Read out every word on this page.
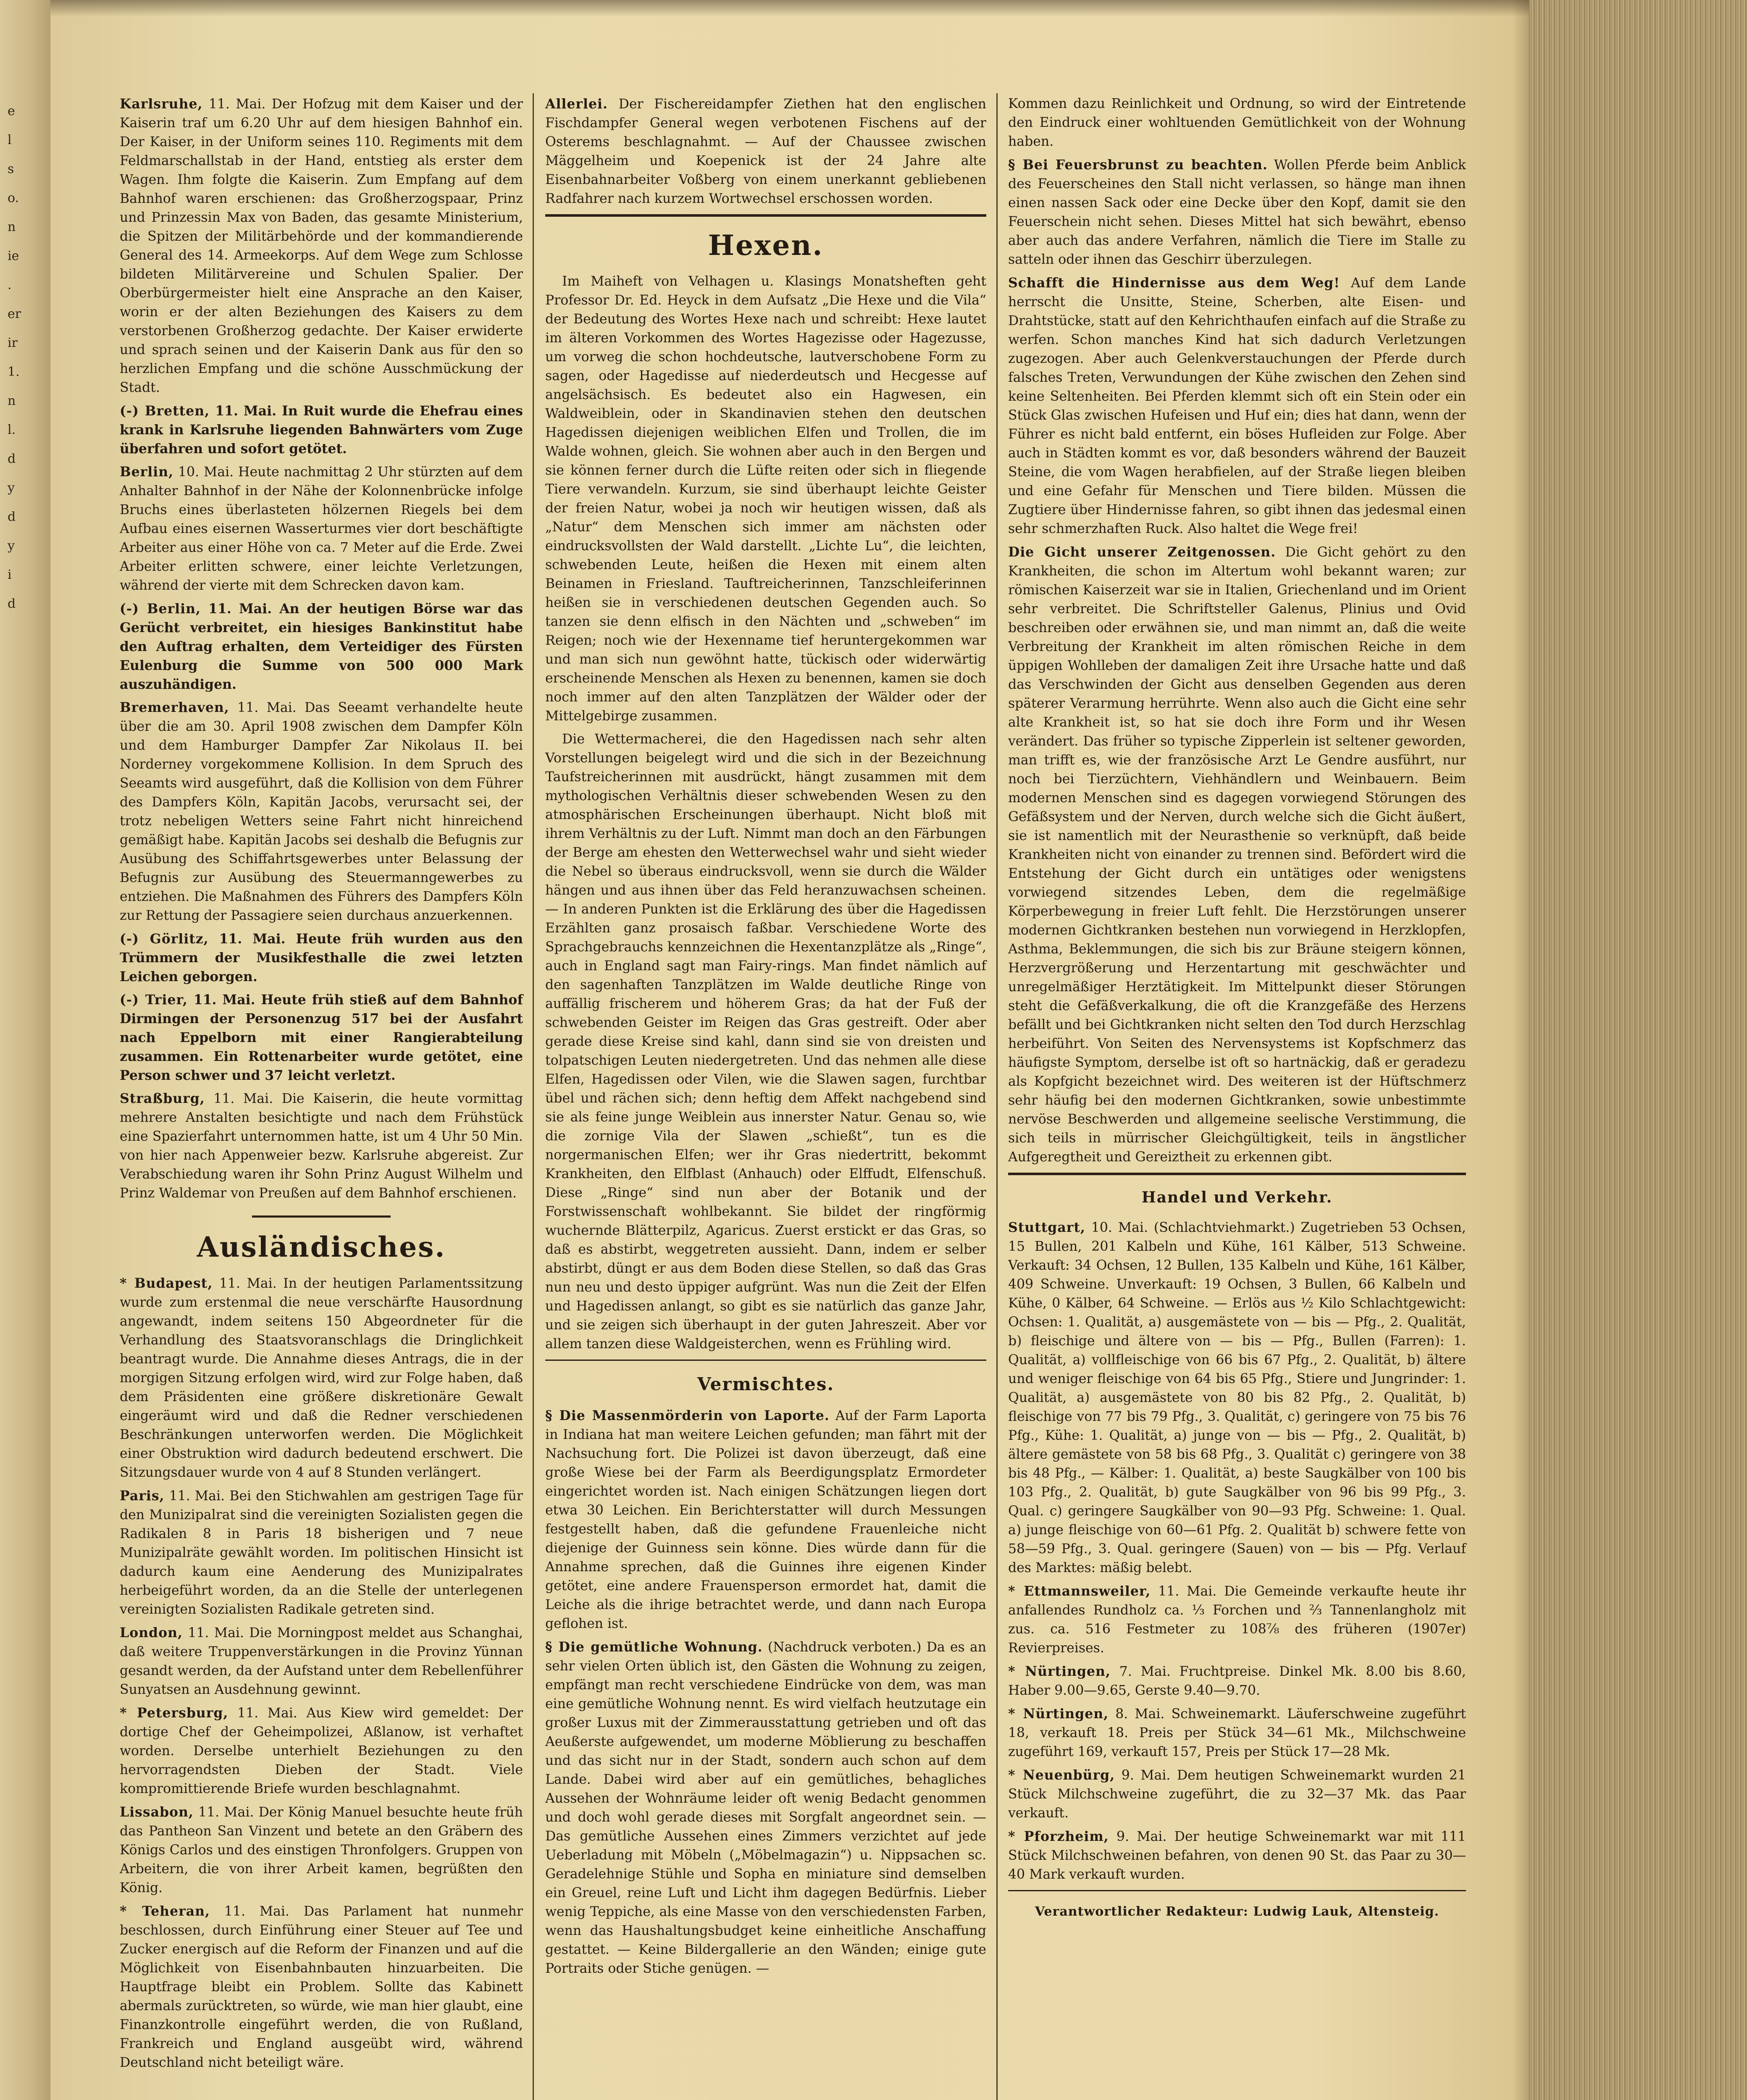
e
l
s
o.
n
ie
.
er
ir
1.
n
l.
d
y
d
y
i
d

Karlsruhe, 11. Mai. Der Hofzug mit dem Kaiser und der Kaiserin traf um 6.20 Uhr auf dem hiesigen Bahnhof ein. Der Kaiser, in der Uniform seines 110. Regiments mit dem Feldmarschallstab in der Hand, entstieg als erster dem Wagen. Ihm folgte die Kaiserin. Zum Empfang auf dem Bahnhof waren erschienen: das Großherzogspaar, Prinz und Prinzessin Max von Baden, das gesamte Ministerium, die Spitzen der Militärbehörde und der kommandierende General des 14. Armeekorps. Auf dem Wege zum Schlosse bildeten Militärvereine und Schulen Spalier. Der Oberbürgermeister hielt eine Ansprache an den Kaiser, worin er der alten Beziehungen des Kaisers zu dem verstorbenen Großherzog gedachte. Der Kaiser erwiderte und sprach seinen und der Kaiserin Dank aus für den so herzlichen Empfang und die schöne Ausschmückung der Stadt.

(-) Bretten, 11. Mai. In Ruit wurde die Ehefrau eines krank in Karlsruhe liegenden Bahnwärters vom Zuge überfahren und sofort getötet.

Berlin, 10. Mai. Heute nachmittag 2 Uhr stürzten auf dem Anhalter Bahnhof in der Nähe der Kolonnenbrücke infolge Bruchs eines überlasteten hölzernen Riegels bei dem Aufbau eines eisernen Wasserturmes vier dort beschäftigte Arbeiter aus einer Höhe von ca. 7 Meter auf die Erde. Zwei Arbeiter erlitten schwere, einer leichte Verletzungen, während der vierte mit dem Schrecken davon kam.

(-) Berlin, 11. Mai. An der heutigen Börse war das Gerücht verbreitet, ein hiesiges Bankinstitut habe den Auftrag erhalten, dem Verteidiger des Fürsten Eulenburg die Summe von 500 000 Mark auszuhändigen.

Bremerhaven, 11. Mai. Das Seeamt verhandelte heute über die am 30. April 1908 zwischen dem Dampfer Köln und dem Hamburger Dampfer Zar Nikolaus II. bei Norderney vorgekommene Kollision. In dem Spruch des Seeamts wird ausgeführt, daß die Kollision von dem Führer des Dampfers Köln, Kapitän Jacobs, verursacht sei, der trotz nebeligen Wetters seine Fahrt nicht hinreichend gemäßigt habe. Kapitän Jacobs sei deshalb die Befugnis zur Ausübung des Schiffahrtsgewerbes unter Belassung der Befugnis zur Ausübung des Steuermanngewerbes zu entziehen. Die Maßnahmen des Führers des Dampfers Köln zur Rettung der Passagiere seien durchaus anzuerkennen.

(-) Görlitz, 11. Mai. Heute früh wurden aus den Trümmern der Musikfesthalle die zwei letzten Leichen geborgen.

(-) Trier, 11. Mai. Heute früh stieß auf dem Bahnhof Dirmingen der Personenzug 517 bei der Ausfahrt nach Eppelborn mit einer Rangierabteilung zusammen. Ein Rottenarbeiter wurde getötet, eine Person schwer und 37 leicht verletzt.

Straßburg, 11. Mai. Die Kaiserin, die heute vormittag mehrere Anstalten besichtigte und nach dem Frühstück eine Spazierfahrt unternommen hatte, ist um 4 Uhr 50 Min. von hier nach Appenweier bezw. Karlsruhe abgereist. Zur Verabschiedung waren ihr Sohn Prinz August Wilhelm und Prinz Waldemar von Preußen auf dem Bahnhof erschienen.

Ausländisches.

* Budapest, 11. Mai. In der heutigen Parlamentssitzung wurde zum erstenmal die neue verschärfte Hausordnung angewandt, indem seitens 150 Abgeordneter für die Verhandlung des Staatsvoranschlags die Dringlichkeit beantragt wurde. Die Annahme dieses Antrags, die in der morgigen Sitzung erfolgen wird, wird zur Folge haben, daß dem Präsidenten eine größere diskretionäre Gewalt eingeräumt wird und daß die Redner verschiedenen Beschränkungen unterworfen werden. Die Möglichkeit einer Obstruktion wird dadurch bedeutend erschwert. Die Sitzungsdauer wurde von 4 auf 8 Stunden verlängert.

Paris, 11. Mai. Bei den Stichwahlen am gestrigen Tage für den Munizipalrat sind die vereinigten Sozialisten gegen die Radikalen 8 in Paris 18 bisherigen und 7 neue Munizipalräte gewählt worden. Im politischen Hinsicht ist dadurch kaum eine Aenderung des Munizipalrates herbeigeführt worden, da an die Stelle der unterlegenen vereinigten Sozialisten Radikale getreten sind.

London, 11. Mai. Die Morningpost meldet aus Schanghai, daß weitere Truppenverstärkungen in die Provinz Yünnan gesandt werden, da der Aufstand unter dem Rebellenführer Sunyatsen an Ausdehnung gewinnt.

* Petersburg, 11. Mai. Aus Kiew wird gemeldet: Der dortige Chef der Geheimpolizei, Aßlanow, ist verhaftet worden. Derselbe unterhielt Beziehungen zu den hervorragendsten Dieben der Stadt. Viele kompromittierende Briefe wurden beschlagnahmt.

Lissabon, 11. Mai. Der König Manuel besuchte heute früh das Pantheon San Vinzent und betete an den Gräbern des Königs Carlos und des einstigen Thronfolgers. Gruppen von Arbeitern, die von ihrer Arbeit kamen, begrüßten den König.

* Teheran, 11. Mai. Das Parlament hat nunmehr beschlossen, durch Einführung einer Steuer auf Tee und Zucker energisch auf die Reform der Finanzen und auf die Möglichkeit von Eisenbahnbauten hinzuarbeiten. Die Hauptfrage bleibt ein Problem. Sollte das Kabinett abermals zurücktreten, so würde, wie man hier glaubt, eine Finanzkontrolle eingeführt werden, die von Rußland, Frankreich und England ausgeübt wird, während Deutschland nicht beteiligt wäre.

Allerlei. Der Fischereidampfer Ziethen hat den englischen Fischdampfer General wegen verbotenen Fischens auf der Osterems beschlagnahmt. — Auf der Chaussee zwischen Mäggelheim und Koepenick ist der 24 Jahre alte Eisenbahnarbeiter Voßberg von einem unerkannt gebliebenen Radfahrer nach kurzem Wortwechsel erschossen worden.

Hexen.

Im Maiheft von Velhagen u. Klasings Monatsheften geht Professor Dr. Ed. Heyck in dem Aufsatz „Die Hexe und die Vila“ der Bedeutung des Wortes Hexe nach und schreibt: Hexe lautet im älteren Vorkommen des Wortes Hagezisse oder Hagezusse, um vorweg die schon hochdeutsche, lautverschobene Form zu sagen, oder Hagedisse auf niederdeutsch und Hecgesse auf angelsächsisch. Es bedeutet also ein Hagwesen, ein Waldweiblein, oder in Skandinavien stehen den deutschen Hagedissen diejenigen weiblichen Elfen und Trollen, die im Walde wohnen, gleich. Sie wohnen aber auch in den Bergen und sie können ferner durch die Lüfte reiten oder sich in fliegende Tiere verwandeln. Kurzum, sie sind überhaupt leichte Geister der freien Natur, wobei ja noch wir heutigen wissen, daß als „Natur“ dem Menschen sich immer am nächsten oder eindrucksvollsten der Wald darstellt. „Lichte Lu“, die leichten, schwebenden Leute, heißen die Hexen mit einem alten Beinamen in Friesland. Tauftreicherinnen, Tanzschleiferinnen heißen sie in verschiedenen deutschen Gegenden auch. So tanzen sie denn elfisch in den Nächten und „schweben“ im Reigen; noch wie der Hexenname tief heruntergekommen war und man sich nun gewöhnt hatte, tückisch oder widerwärtig erscheinende Menschen als Hexen zu benennen, kamen sie doch noch immer auf den alten Tanzplätzen der Wälder oder der Mittelgebirge zusammen.

Die Wettermacherei, die den Hagedissen nach sehr alten Vorstellungen beigelegt wird und die sich in der Bezeichnung Taufstreicherinnen mit ausdrückt, hängt zusammen mit dem mythologischen Verhältnis dieser schwebenden Wesen zu den atmosphärischen Erscheinungen überhaupt. Nicht bloß mit ihrem Verhältnis zu der Luft. Nimmt man doch an den Färbungen der Berge am ehesten den Wetterwechsel wahr und sieht wieder die Nebel so überaus eindrucksvoll, wenn sie durch die Wälder hängen und aus ihnen über das Feld heranzuwachsen scheinen. — In anderen Punkten ist die Erklärung des über die Hagedissen Erzählten ganz prosaisch faßbar. Verschiedene Worte des Sprachgebrauchs kennzeichnen die Hexentanzplätze als „Ringe“, auch in England sagt man Fairy-rings. Man findet nämlich auf den sagenhaften Tanzplätzen im Walde deutliche Ringe von auffällig frischerem und höherem Gras; da hat der Fuß der schwebenden Geister im Reigen das Gras gestreift. Oder aber gerade diese Kreise sind kahl, dann sind sie von dreisten und tolpatschigen Leuten niedergetreten. Und das nehmen alle diese Elfen, Hagedissen oder Vilen, wie die Slawen sagen, furchtbar übel und rächen sich; denn heftig dem Affekt nachgebend sind sie als feine junge Weiblein aus innerster Natur. Genau so, wie die zornige Vila der Slawen „schießt“, tun es die norgermanischen Elfen; wer ihr Gras niedertritt, bekommt Krankheiten, den Elfblast (Anhauch) oder Elffudt, Elfenschuß. Diese „Ringe“ sind nun aber der Botanik und der Forstwissenschaft wohlbekannt. Sie bildet der ringförmig wuchernde Blätterpilz, Agaricus. Zuerst erstickt er das Gras, so daß es abstirbt, weggetreten aussieht. Dann, indem er selber abstirbt, düngt er aus dem Boden diese Stellen, so daß das Gras nun neu und desto üppiger aufgrünt. Was nun die Zeit der Elfen und Hagedissen anlangt, so gibt es sie natürlich das ganze Jahr, und sie zeigen sich überhaupt in der guten Jahreszeit. Aber vor allem tanzen diese Waldgeisterchen, wenn es Frühling wird.

Vermischtes.

§ Die Massenmörderin von Laporte. Auf der Farm Laporta in Indiana hat man weitere Leichen gefunden; man fährt mit der Nachsuchung fort. Die Polizei ist davon überzeugt, daß eine große Wiese bei der Farm als Beerdigungsplatz Ermordeter eingerichtet worden ist. Nach einigen Schätzungen liegen dort etwa 30 Leichen. Ein Berichterstatter will durch Messungen festgestellt haben, daß die gefundene Frauenleiche nicht diejenige der Guinness sein könne. Dies würde dann für die Annahme sprechen, daß die Guinnes ihre eigenen Kinder getötet, eine andere Frauensperson ermordet hat, damit die Leiche als die ihrige betrachtet werde, und dann nach Europa geflohen ist.

§ Die gemütliche Wohnung. (Nachdruck verboten.) Da es an sehr vielen Orten üblich ist, den Gästen die Wohnung zu zeigen, empfängt man recht verschiedene Eindrücke von dem, was man eine gemütliche Wohnung nennt. Es wird vielfach heutzutage ein großer Luxus mit der Zimmerausstattung getrieben und oft das Aeußerste aufgewendet, um moderne Möblierung zu beschaffen und das sicht nur in der Stadt, sondern auch schon auf dem Lande. Dabei wird aber auf ein gemütliches, behagliches Aussehen der Wohnräume leider oft wenig Bedacht genommen und doch wohl gerade dieses mit Sorgfalt angeordnet sein. — Das gemütliche Aussehen eines Zimmers verzichtet auf jede Ueberladung mit Möbeln („Möbelmagazin“) u. Nippsachen sc. Geradelehnige Stühle und Sopha en miniature sind demselben ein Greuel, reine Luft und Licht ihm dagegen Bedürfnis. Lieber wenig Teppiche, als eine Masse von den verschiedensten Farben, wenn das Haushaltungsbudget keine einheitliche Anschaffung gestattet. — Keine Bildergallerie an den Wänden; einige gute Portraits oder Stiche genügen. —

Kommen dazu Reinlichkeit und Ordnung, so wird der Eintretende den Eindruck einer wohltuenden Gemütlichkeit von der Wohnung haben.

§ Bei Feuersbrunst zu beachten. Wollen Pferde beim Anblick des Feuerscheines den Stall nicht verlassen, so hänge man ihnen einen nassen Sack oder eine Decke über den Kopf, damit sie den Feuerschein nicht sehen. Dieses Mittel hat sich bewährt, ebenso aber auch das andere Verfahren, nämlich die Tiere im Stalle zu satteln oder ihnen das Geschirr überzulegen.

Schafft die Hindernisse aus dem Weg! Auf dem Lande herrscht die Unsitte, Steine, Scherben, alte Eisen- und Drahtstücke, statt auf den Kehrichthaufen einfach auf die Straße zu werfen. Schon manches Kind hat sich dadurch Verletzungen zugezogen. Aber auch Gelenkverstauchungen der Pferde durch falsches Treten, Verwundungen der Kühe zwischen den Zehen sind keine Seltenheiten. Bei Pferden klemmt sich oft ein Stein oder ein Stück Glas zwischen Hufeisen und Huf ein; dies hat dann, wenn der Führer es nicht bald entfernt, ein böses Hufleiden zur Folge. Aber auch in Städten kommt es vor, daß besonders während der Bauzeit Steine, die vom Wagen herabfielen, auf der Straße liegen bleiben und eine Gefahr für Menschen und Tiere bilden. Müssen die Zugtiere über Hindernisse fahren, so gibt ihnen das jedesmal einen sehr schmerzhaften Ruck. Also haltet die Wege frei!

Die Gicht unserer Zeitgenossen. Die Gicht gehört zu den Krankheiten, die schon im Altertum wohl bekannt waren; zur römischen Kaiserzeit war sie in Italien, Griechenland und im Orient sehr verbreitet. Die Schriftsteller Galenus, Plinius und Ovid beschreiben oder erwähnen sie, und man nimmt an, daß die weite Verbreitung der Krankheit im alten römischen Reiche in dem üppigen Wohlleben der damaligen Zeit ihre Ursache hatte und daß das Verschwinden der Gicht aus denselben Gegenden aus deren späterer Verarmung herrührte. Wenn also auch die Gicht eine sehr alte Krankheit ist, so hat sie doch ihre Form und ihr Wesen verändert. Das früher so typische Zipperlein ist seltener geworden, man trifft es, wie der französische Arzt Le Gendre ausführt, nur noch bei Tierzüchtern, Viehhändlern und Weinbauern. Beim modernen Menschen sind es dagegen vorwiegend Störungen des Gefäßsystem und der Nerven, durch welche sich die Gicht äußert, sie ist namentlich mit der Neurasthenie so verknüpft, daß beide Krankheiten nicht von einander zu trennen sind. Befördert wird die Entstehung der Gicht durch ein untätiges oder wenigstens vorwiegend sitzendes Leben, dem die regelmäßige Körperbewegung in freier Luft fehlt. Die Herzstörungen unserer modernen Gichtkranken bestehen nun vorwiegend in Herzklopfen, Asthma, Beklemmungen, die sich bis zur Bräune steigern können, Herzvergrößerung und Herzentartung mit geschwächter und unregelmäßiger Herztätigkeit. Im Mittelpunkt dieser Störungen steht die Gefäßverkalkung, die oft die Kranzgefäße des Herzens befällt und bei Gichtkranken nicht selten den Tod durch Herzschlag herbeiführt. Von Seiten des Nervensystems ist Kopfschmerz das häufigste Symptom, derselbe ist oft so hartnäckig, daß er geradezu als Kopfgicht bezeichnet wird. Des weiteren ist der Hüftschmerz sehr häufig bei den modernen Gichtkranken, sowie unbestimmte nervöse Beschwerden und allgemeine seelische Verstimmung, die sich teils in mürrischer Gleichgültigkeit, teils in ängstlicher Aufgeregtheit und Gereiztheit zu erkennen gibt.

Handel und Verkehr.

Stuttgart, 10. Mai. (Schlachtviehmarkt.) Zugetrieben 53 Ochsen, 15 Bullen, 201 Kalbeln und Kühe, 161 Kälber, 513 Schweine. Verkauft: 34 Ochsen, 12 Bullen, 135 Kalbeln und Kühe, 161 Kälber, 409 Schweine. Unverkauft: 19 Ochsen, 3 Bullen, 66 Kalbeln und Kühe, 0 Kälber, 64 Schweine. — Erlös aus ½ Kilo Schlachtgewicht: Ochsen: 1. Qualität, a) ausgemästete von — bis — Pfg., 2. Qualität, b) fleischige und ältere von — bis — Pfg., Bullen (Farren): 1. Qualität, a) vollfleischige von 66 bis 67 Pfg., 2. Qualität, b) ältere und weniger fleischige von 64 bis 65 Pfg., Stiere und Jungrinder: 1. Qualität, a) ausgemästete von 80 bis 82 Pfg., 2. Qualität, b) fleischige von 77 bis 79 Pfg., 3. Qualität, c) geringere von 75 bis 76 Pfg., Kühe: 1. Qualität, a) junge von — bis — Pfg., 2. Qualität, b) ältere gemästete von 58 bis 68 Pfg., 3. Qualität c) geringere von 38 bis 48 Pfg., — Kälber: 1. Qualität, a) beste Saugkälber von 100 bis 103 Pfg., 2. Qualität, b) gute Saugkälber von 96 bis 99 Pfg., 3. Qual. c) geringere Saugkälber von 90—93 Pfg. Schweine: 1. Qual. a) junge fleischige von 60—61 Pfg. 2. Qualität b) schwere fette von 58—59 Pfg., 3. Qual. geringere (Sauen) von — bis — Pfg. Verlauf des Marktes: mäßig belebt.

* Ettmannsweiler, 11. Mai. Die Gemeinde verkaufte heute ihr anfallendes Rundholz ca. ⅓ Forchen und ⅔ Tannenlangholz mit zus. ca. 516 Festmeter zu 108⅞ des früheren (1907er) Revierpreises.

* Nürtingen, 7. Mai. Fruchtpreise. Dinkel Mk. 8.00 bis 8.60, Haber 9.00—9.65, Gerste 9.40—9.70.

* Nürtingen, 8. Mai. Schweinemarkt. Läuferschweine zugeführt 18, verkauft 18. Preis per Stück 34—61 Mk., Milchschweine zugeführt 169, verkauft 157, Preis per Stück 17—28 Mk.

* Neuenbürg, 9. Mai. Dem heutigen Schweinemarkt wurden 21 Stück Milchschweine zugeführt, die zu 32—37 Mk. das Paar verkauft.

* Pforzheim, 9. Mai. Der heutige Schweinemarkt war mit 111 Stück Milchschweinen befahren, von denen 90 St. das Paar zu 30—40 Mark verkauft wurden.

Verantwortlicher Redakteur: Ludwig Lauk, Altensteig.
